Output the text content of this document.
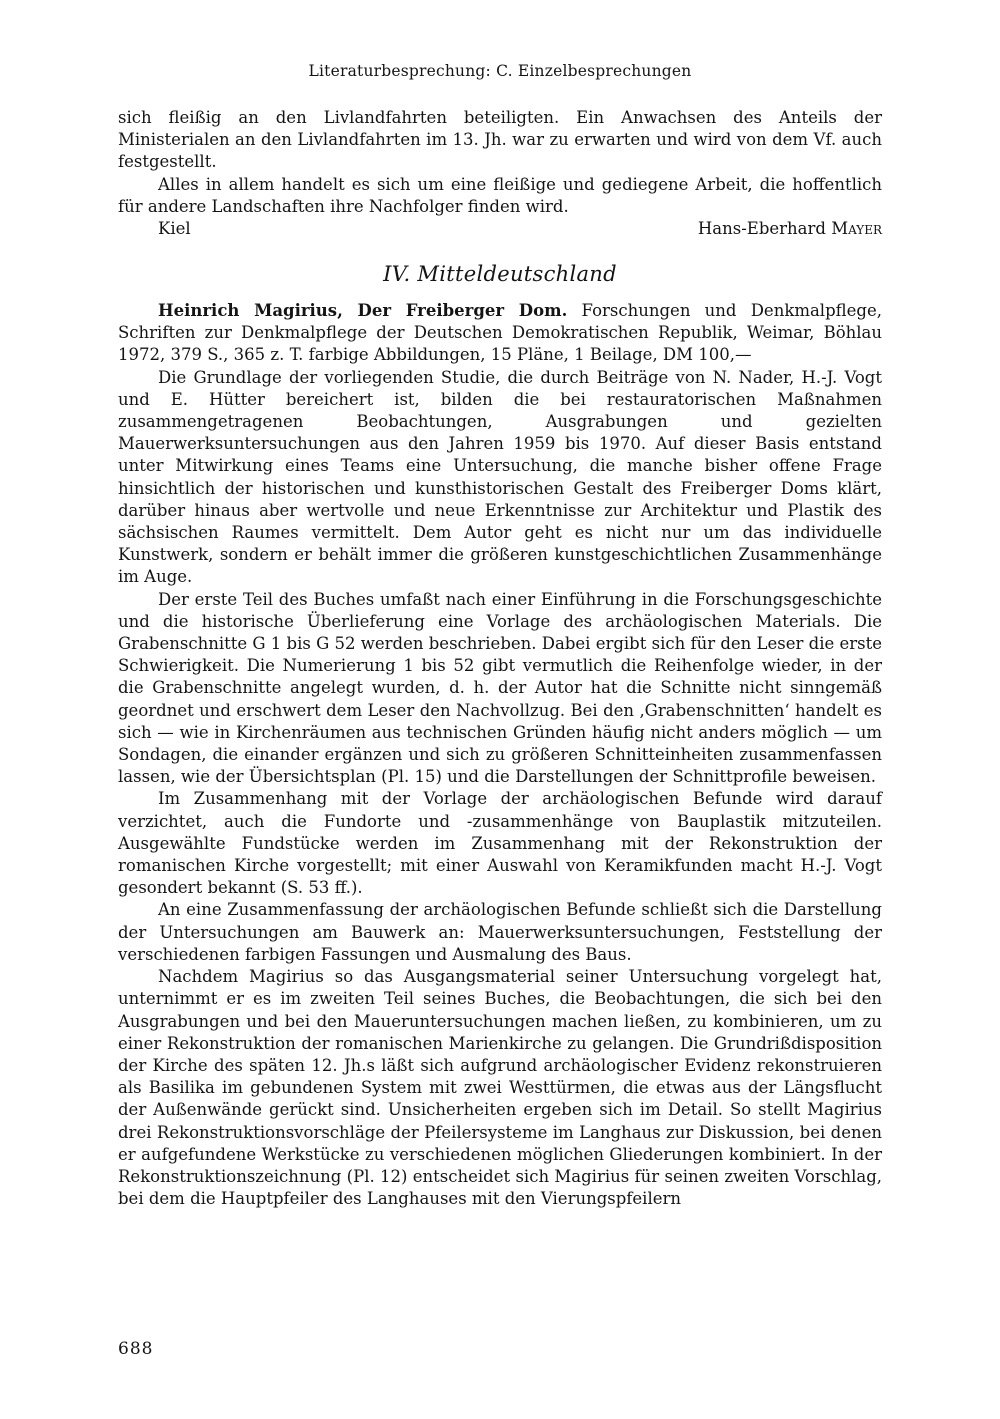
Literaturbesprechung: C. Einzelbesprechungen

sich fleißig an den Livlandfahrten beteiligten. Ein Anwachsen des Anteils der Ministerialen an den Livlandfahrten im 13. Jh. war zu erwarten und wird von dem Vf. auch festgestellt.

Alles in allem handelt es sich um eine fleißige und gediegene Arbeit, die hoffentlich für andere Landschaften ihre Nachfolger finden wird.

Kiel	Hans-Eberhard Mayer
IV. Mitteldeutschland

Heinrich Magirius, Der Freiberger Dom. Forschungen und Denkmalpflege, Schriften zur Denkmalpflege der Deutschen Demokratischen Republik, Weimar, Böhlau 1972, 379 S., 365 z. T. farbige Abbildungen, 15 Pläne, 1 Beilage, DM 100,—

Die Grundlage der vorliegenden Studie, die durch Beiträge von N. Nader, H.-J. Vogt und E. Hütter bereichert ist, bilden die bei restauratorischen Maßnahmen zusammengetragenen Beobachtungen, Ausgrabungen und gezielten Mauerwerksuntersuchungen aus den Jahren 1959 bis 1970. Auf dieser Basis entstand unter Mitwirkung eines Teams eine Untersuchung, die manche bisher offene Frage hinsichtlich der historischen und kunsthistorischen Gestalt des Freiberger Doms klärt, darüber hinaus aber wertvolle und neue Erkenntnisse zur Architektur und Plastik des sächsischen Raumes vermittelt. Dem Autor geht es nicht nur um das individuelle Kunstwerk, sondern er behält immer die größeren kunstgeschichtlichen Zusammenhänge im Auge.

Der erste Teil des Buches umfaßt nach einer Einführung in die Forschungsgeschichte und die historische Überlieferung eine Vorlage des archäologischen Materials. Die Grabenschnitte G 1 bis G 52 werden beschrieben. Dabei ergibt sich für den Leser die erste Schwierigkeit. Die Numerierung 1 bis 52 gibt vermutlich die Reihenfolge wieder, in der die Grabenschnitte angelegt wurden, d. h. der Autor hat die Schnitte nicht sinngemäß geordnet und erschwert dem Leser den Nachvollzug. Bei den ‚Grabenschnitten‘ handelt es sich — wie in Kirchenräumen aus technischen Gründen häufig nicht anders möglich — um Sondagen, die einander ergänzen und sich zu größeren Schnitteinheiten zusammenfassen lassen, wie der Übersichtsplan (Pl. 15) und die Darstellungen der Schnittprofile beweisen.

Im Zusammenhang mit der Vorlage der archäologischen Befunde wird darauf verzichtet, auch die Fundorte und -zusammenhänge von Bauplastik mitzuteilen. Ausgewählte Fundstücke werden im Zusammenhang mit der Rekonstruktion der romanischen Kirche vorgestellt; mit einer Auswahl von Keramikfunden macht H.-J. Vogt gesondert bekannt (S. 53 ff.).

An eine Zusammenfassung der archäologischen Befunde schließt sich die Darstellung der Untersuchungen am Bauwerk an: Mauerwerksuntersuchungen, Feststellung der verschiedenen farbigen Fassungen und Ausmalung des Baus.

Nachdem Magirius so das Ausgangsmaterial seiner Untersuchung vorgelegt hat, unternimmt er es im zweiten Teil seines Buches, die Beobachtungen, die sich bei den Ausgrabungen und bei den Maueruntersuchungen machen ließen, zu kombinieren, um zu einer Rekonstruktion der romanischen Marienkirche zu gelangen. Die Grundrißdisposition der Kirche des späten 12. Jh.s läßt sich aufgrund archäologischer Evidenz rekonstruieren als Basilika im gebundenen System mit zwei Westtürmen, die etwas aus der Längsflucht der Außenwände gerückt sind. Unsicherheiten ergeben sich im Detail. So stellt Magirius drei Rekonstruktionsvorschläge der Pfeilersysteme im Langhaus zur Diskussion, bei denen er aufgefundene Werkstücke zu verschiedenen möglichen Gliederungen kombiniert. In der Rekonstruktionszeichnung (Pl. 12) entscheidet sich Magirius für seinen zweiten Vorschlag, bei dem die Hauptpfeiler des Langhauses mit den Vierungspfeilern

688
